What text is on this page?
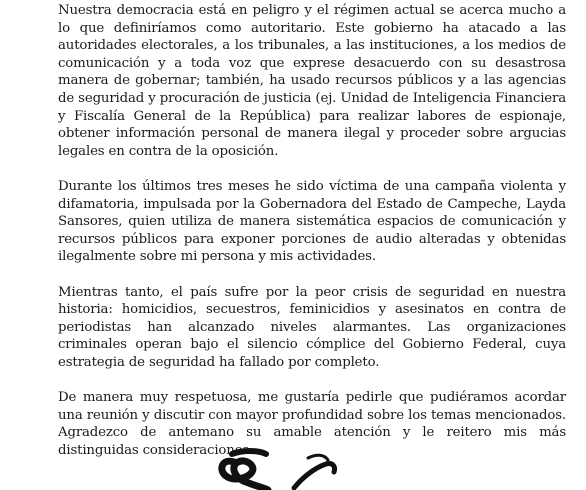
Nuestra democracia está en peligro y el régimen actual se acerca mucho a lo que definiríamos como autoritario. Este gobierno ha atacado a las autoridades electorales, a los tribunales, a las instituciones, a los medios de comunicación y a toda voz que exprese desacuerdo con su desastrosa manera de gobernar; también, ha usado recursos públicos y a las agencias de seguridad y procuración de justicia (ej. Unidad de Inteligencia Financiera y Fiscalía General de la República) para realizar labores de espionaje, obtener información personal de manera ilegal y proceder sobre argucias legales en contra de la oposición.

Durante los últimos tres meses he sido víctima de una campaña violenta y difamatoria, impulsada por la Gobernadora del Estado de Campeche, Layda Sansores, quien utiliza de manera sistemática espacios de comunicación y recursos públicos para exponer porciones de audio alteradas y obtenidas ilegalmente sobre mi persona y mis actividades.

Mientras tanto, el país sufre por la peor crisis de seguridad en nuestra historia: homicidios, secuestros, feminicidios y asesinatos en contra de periodistas han alcanzado niveles alarmantes. Las organizaciones criminales operan bajo el silencio cómplice del Gobierno Federal, cuya estrategia de seguridad ha fallado por completo.

De manera muy respetuosa, me gustaría pedirle que pudiéramos acordar una reunión y discutir con mayor profundidad sobre los temas mencionados. Agradezco de antemano su amable atención y le reitero mis más distinguidas consideraciones.
